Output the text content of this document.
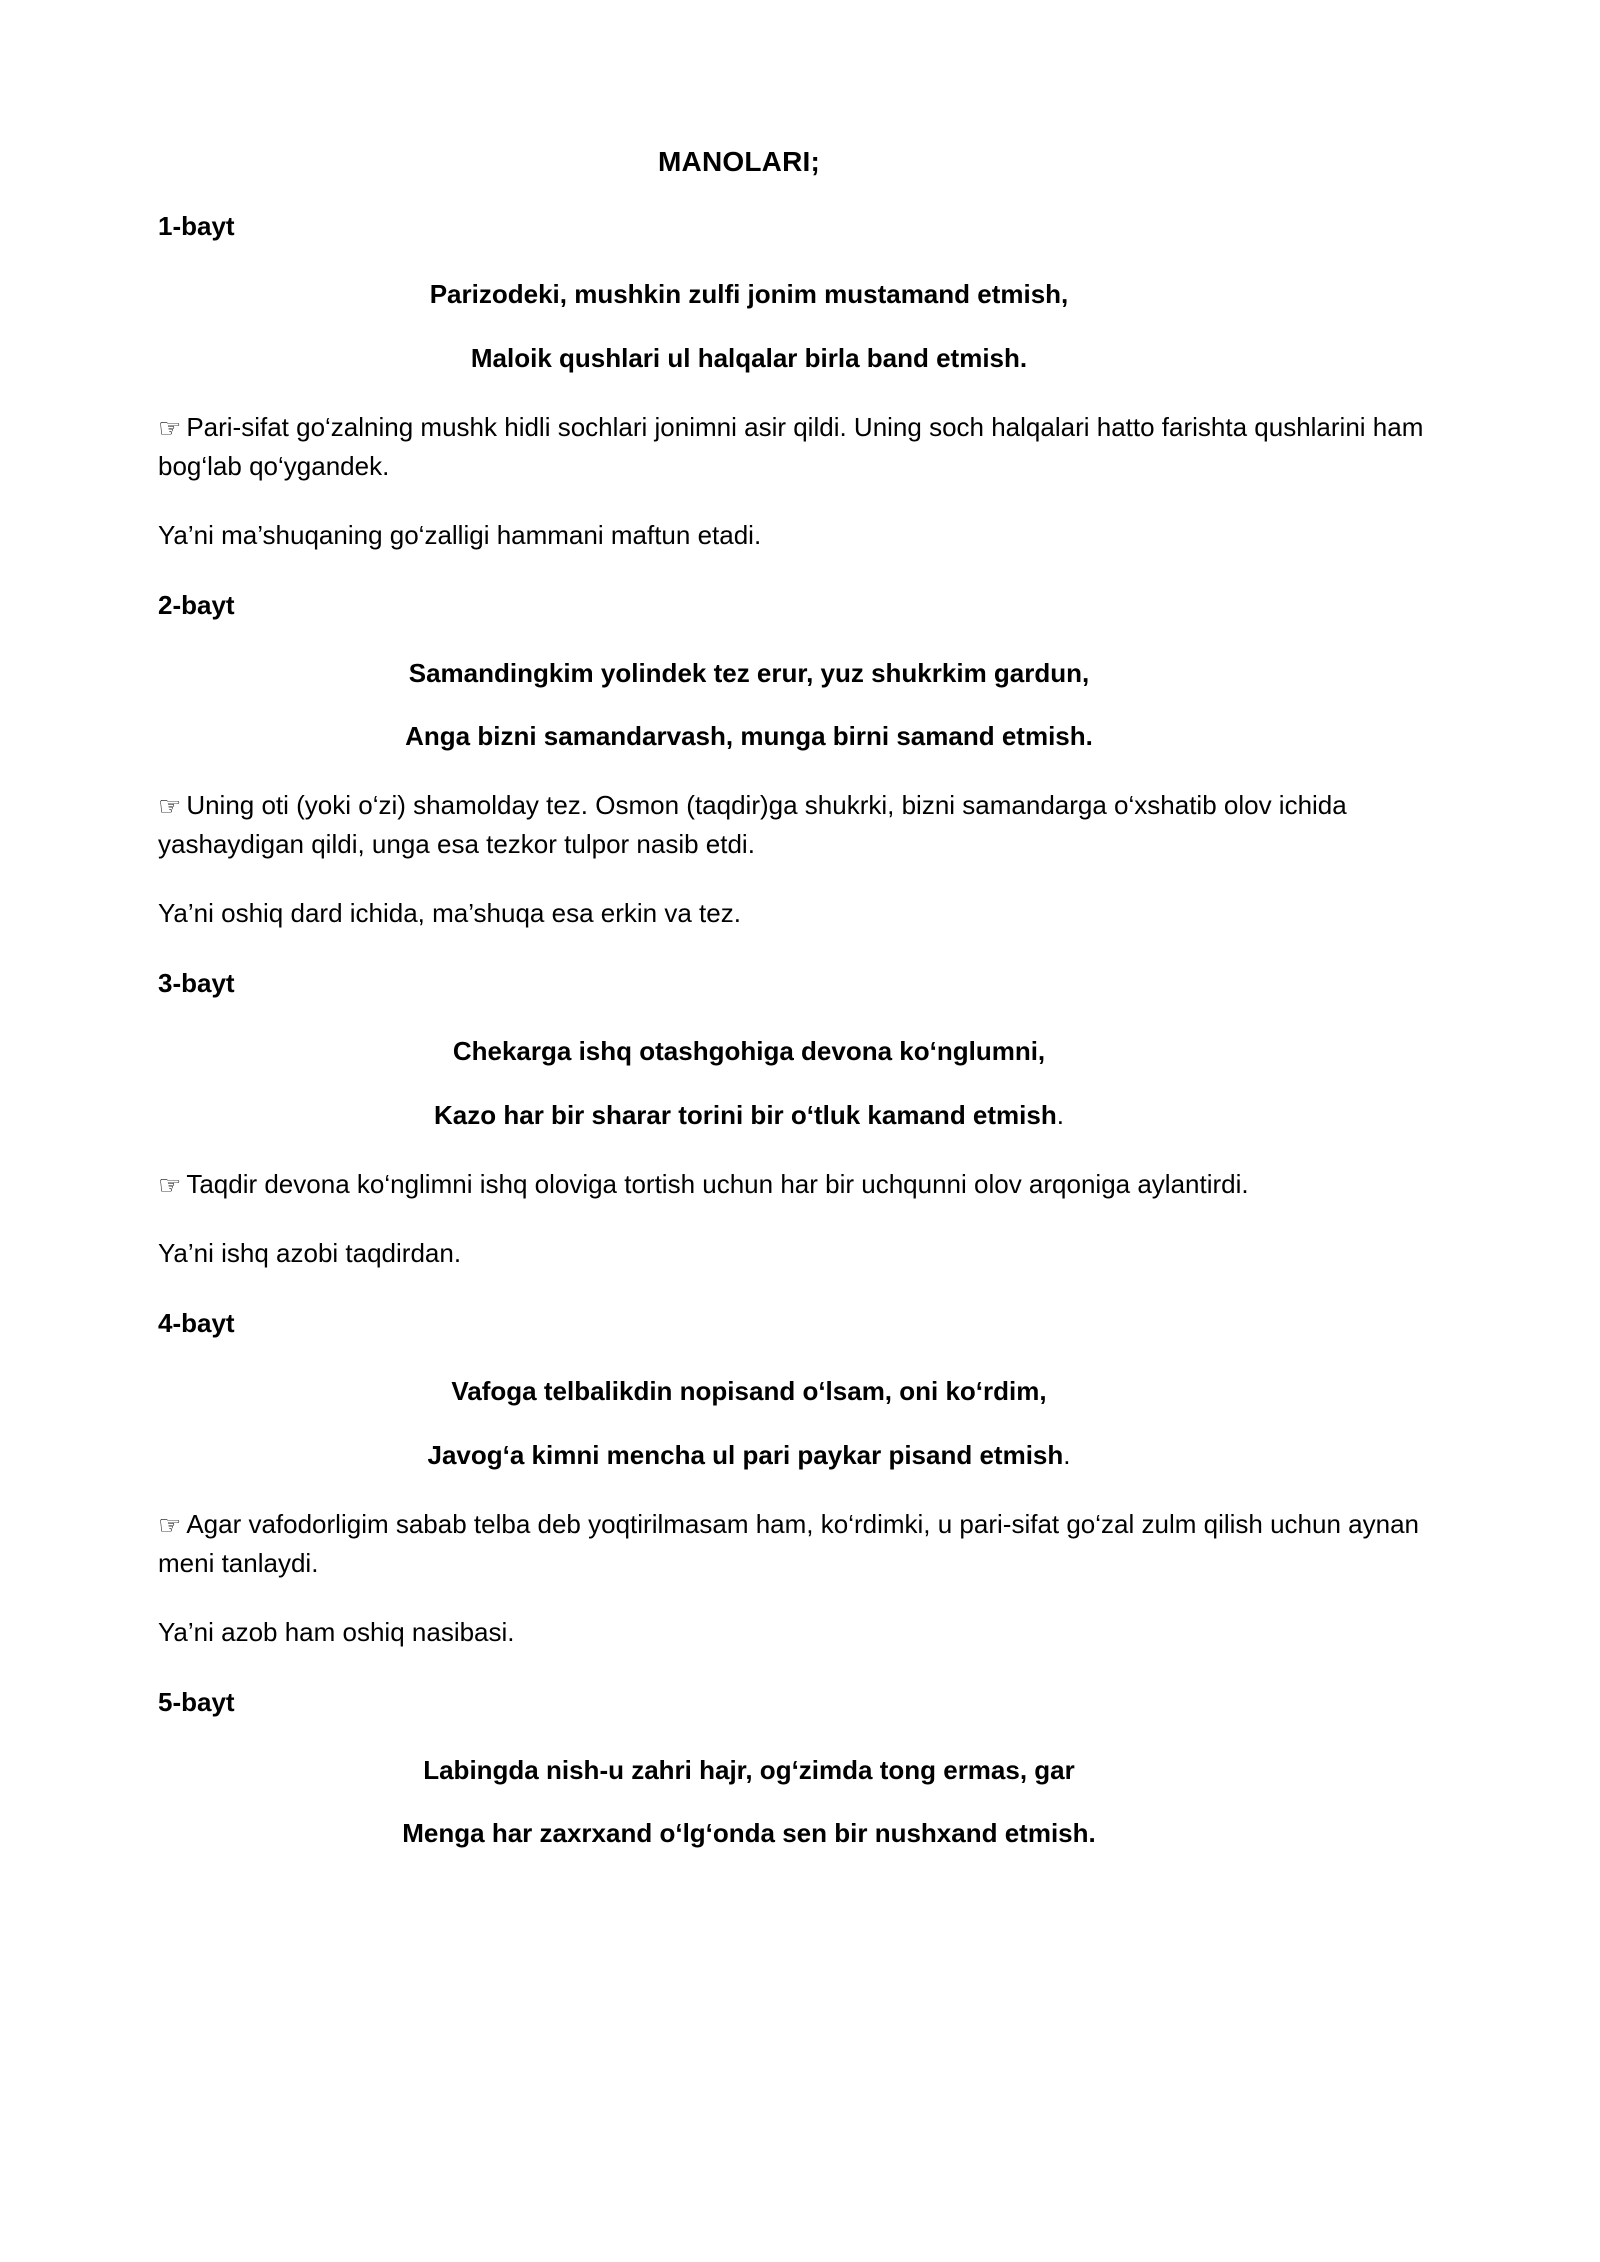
MANOLARI;

1-bayt

Parizodeki, mushkin zulfi jonim mustamand etmish,

Maloik qushlari ul halqalar birla band etmish.

☞ Pari-sifat go‘zalning mushk hidli sochlari jonimni asir qildi. Uning soch halqalari hatto farishta qushlarini ham bog‘lab qo‘ygandek.

Ya’ni ma’shuqaning go‘zalligi hammani maftun etadi.

2-bayt

Samandingkim yolindek tez erur, yuz shukrkim gardun,

Anga bizni samandarvash, munga birni samand etmish.

☞ Uning oti (yoki o‘zi) shamolday tez. Osmon (taqdir)ga shukrki, bizni samandarga o‘xshatib olov ichida yashaydigan qildi, unga esa tezkor tulpor nasib etdi.

Ya’ni oshiq dard ichida, ma’shuqa esa erkin va tez.

3-bayt

Chekarga ishq otashgohiga devona ko‘nglumni,

Kazo har bir sharar torini bir o‘tluk kamand etmish.

☞ Taqdir devona ko‘nglimni ishq oloviga tortish uchun har bir uchqunni olov arqoniga aylantirdi.

Ya’ni ishq azobi taqdirdan.

4-bayt

Vafoga telbalikdin nopisand o‘lsam, oni ko‘rdim,

Javog‘a kimni mencha ul pari paykar pisand etmish.

☞ Agar vafodorligim sabab telba deb yoqtirilmasam ham, ko‘rdimki, u pari-sifat go‘zal zulm qilish uchun aynan meni tanlaydi.

Ya’ni azob ham oshiq nasibasi.

5-bayt

Labingda nish-u zahri hajr, og‘zimda tong ermas, gar

Menga har zaxrxand o‘lg‘onda sen bir nushxand etmish.
